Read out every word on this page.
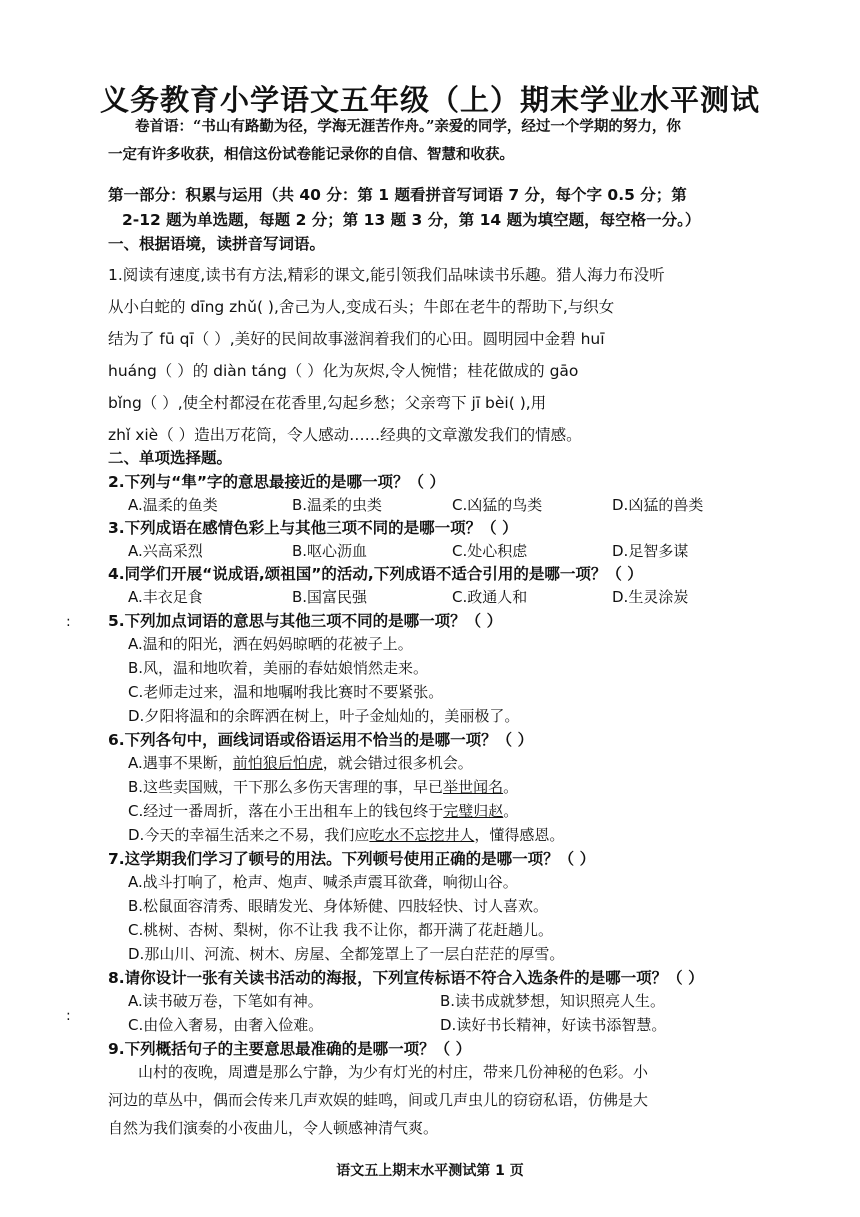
义务教育小学语文五年级（上）期末学业水平测试
卷首语：“书山有路勤为径，学海无涯苦作舟。”亲爱的同学，经过一个学期的努力，你
一定有许多收获，相信这份试卷能记录你的自信、智慧和收获。
第一部分：积累与运用（共 40 分：第 1 题看拼音写词语 7 分，每个字 0.5 分；第
2-12 题为单选题，每题 2 分；第 13 题 3 分，第 14 题为填空题，每空格一分。）
一、根据语境，读拼音写词语。
1.阅读有速度,读书有方法,精彩的课文,能引领我们品味读书乐趣。猎人海力布没听
从小白蛇的 dīng zhǔ( ),舍己为人,变成石头；牛郎在老牛的帮助下,与织女
结为了 fū qī（ ）,美好的民间故事滋润着我们的心田。圆明园中金碧 huī
huáng（ ）的 diàn táng（ ）化为灰烬,令人惋惜；桂花做成的 gāo
bǐng（ ）,使全村都浸在花香里,勾起乡愁；父亲弯下 jī bèi( ),用
zhǐ xiè（ ）造出万花筒，令人感动……经典的文章激发我们的情感。
二、单项选择题。
2.下列与“隼”字的意思最接近的是哪一项？（ ）
A.温柔的鱼类	B.温柔的虫类	C.凶猛的鸟类	D.凶猛的兽类
3.下列成语在感情色彩上与其他三项不同的是哪一项？（ ）
A.兴高采烈	B.呕心沥血	C.处心积虑	D.足智多谋
4.同学们开展“说成语,颂祖国”的活动,下列成语不适合引用的是哪一项？（ ）
A.丰衣足食	B.国富民强	C.政通人和	D.生灵涂炭
5.下列加点词语的意思与其他三项不同的是哪一项？（ ）
A.温和的阳光，洒在妈妈晾晒的花被子上。
B.风，温和地吹着，美丽的春姑娘悄然走来。
C.老师走过来，温和地嘱咐我比赛时不要紧张。
D.夕阳将温和的余晖洒在树上，叶子金灿灿的，美丽极了。
6.下列各句中，画线词语或俗语运用不恰当的是哪一项？（ ）
A.遇事不果断，前怕狼后怕虎，就会错过很多机会。
B.这些卖国贼，干下那么多伤天害理的事，早已举世闻名。
C.经过一番周折，落在小王出租车上的钱包终于完璧归赵。
D.今天的幸福生活来之不易，我们应吃水不忘挖井人，懂得感恩。
7.这学期我们学习了顿号的用法。下列顿号使用正确的是哪一项？（ ）
A.战斗打响了，枪声、炮声、喊杀声震耳欲聋，响彻山谷。
B.松鼠面容清秀、眼睛发光、身体矫健、四肢轻快、讨人喜欢。
C.桃树、杏树、梨树，你不让我 我不让你，都开满了花赶趟儿。
D.那山川、河流、树木、房屋、全都笼罩上了一层白茫茫的厚雪。
8.请你设计一张有关读书活动的海报，下列宣传标语不符合入选条件的是哪一项？（ ）
A.读书破万卷，下笔如有神。	B.读书成就梦想，知识照亮人生。
C.由俭入奢易，由奢入俭难。	D.读好书长精神，好读书添智慧。
9.下列概括句子的主要意思最准确的是哪一项？（ ）
　　山村的夜晚，周遭是那么宁静，为少有灯光的村庄，带来几份神秘的色彩。小
河边的草丛中，偶而会传来几声欢娱的蛙鸣，间或几声虫儿的窃窃私语，仿佛是大
自然为我们演奏的小夜曲儿，令人顿感神清气爽。
:
:
语文五上期末水平测试第 1 页
